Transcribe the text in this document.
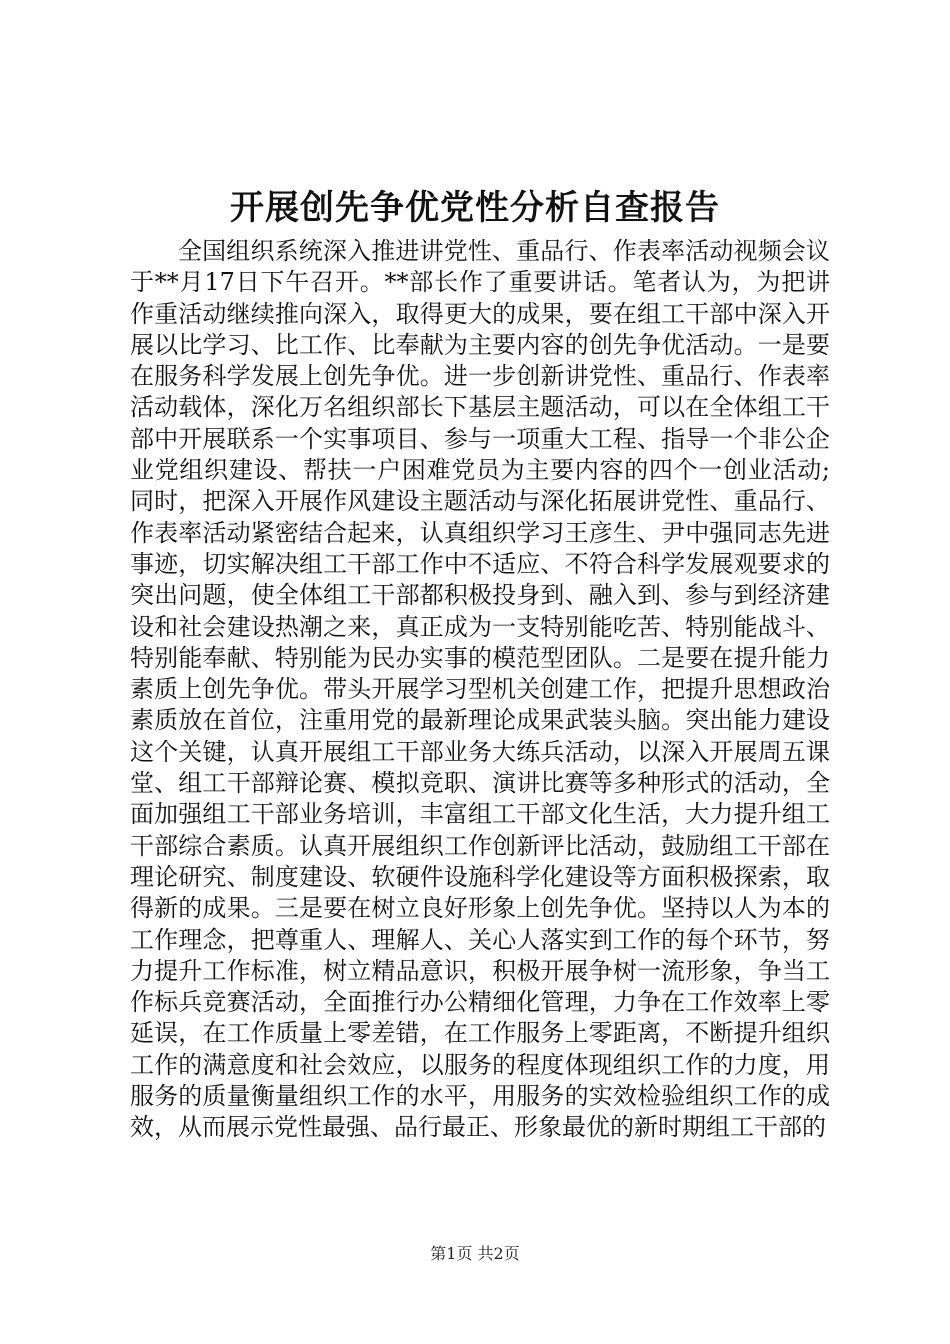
开展创先争优党性分析自查报告

全国组织系统深入推进讲党性、重品行、作表率活动视频会议于**月17日下午召开。**部长作了重要讲话。笔者认为，为把讲作重活动继续推向深入，取得更大的成果，要在组工干部中深入开展以比学习、比工作、比奉献为主要内容的创先争优活动。一是要在服务科学发展上创先争优。进一步创新讲党性、重品行、作表率活动载体，深化万名组织部长下基层主题活动，可以在全体组工干部中开展联系一个实事项目、参与一项重大工程、指导一个非公企业党组织建设、帮扶一户困难党员为主要内容的四个一创业活动;同时，把深入开展作风建设主题活动与深化拓展讲党性、重品行、作表率活动紧密结合起来，认真组织学习王彦生、尹中强同志先进事迹，切实解决组工干部工作中不适应、不符合科学发展观要求的突出问题，使全体组工干部都积极投身到、融入到、参与到经济建设和社会建设热潮之来，真正成为一支特别能吃苦、特别能战斗、特别能奉献、特别能为民办实事的模范型团队。二是要在提升能力素质上创先争优。带头开展学习型机关创建工作，把提升思想政治素质放在首位，注重用党的最新理论成果武装头脑。突出能力建设这个关键，认真开展组工干部业务大练兵活动，以深入开展周五课堂、组工干部辩论赛、模拟竞职、演讲比赛等多种形式的活动，全面加强组工干部业务培训，丰富组工干部文化生活，大力提升组工干部综合素质。认真开展组织工作创新评比活动，鼓励组工干部在理论研究、制度建设、软硬件设施科学化建设等方面积极探索，取得新的成果。三是要在树立良好形象上创先争优。坚持以人为本的工作理念，把尊重人、理解人、关心人落实到工作的每个环节，努力提升工作标准，树立精品意识，积极开展争树一流形象，争当工作标兵竞赛活动，全面推行办公精细化管理，力争在工作效率上零延误，在工作质量上零差错，在工作服务上零距离，不断提升组织工作的满意度和社会效应，以服务的程度体现组织工作的力度，用服务的质量衡量组织工作的水平，用服务的实效检验组织工作的成效，从而展示党性最强、品行最正、形象最优的新时期组工干部的

第1页 共2页
